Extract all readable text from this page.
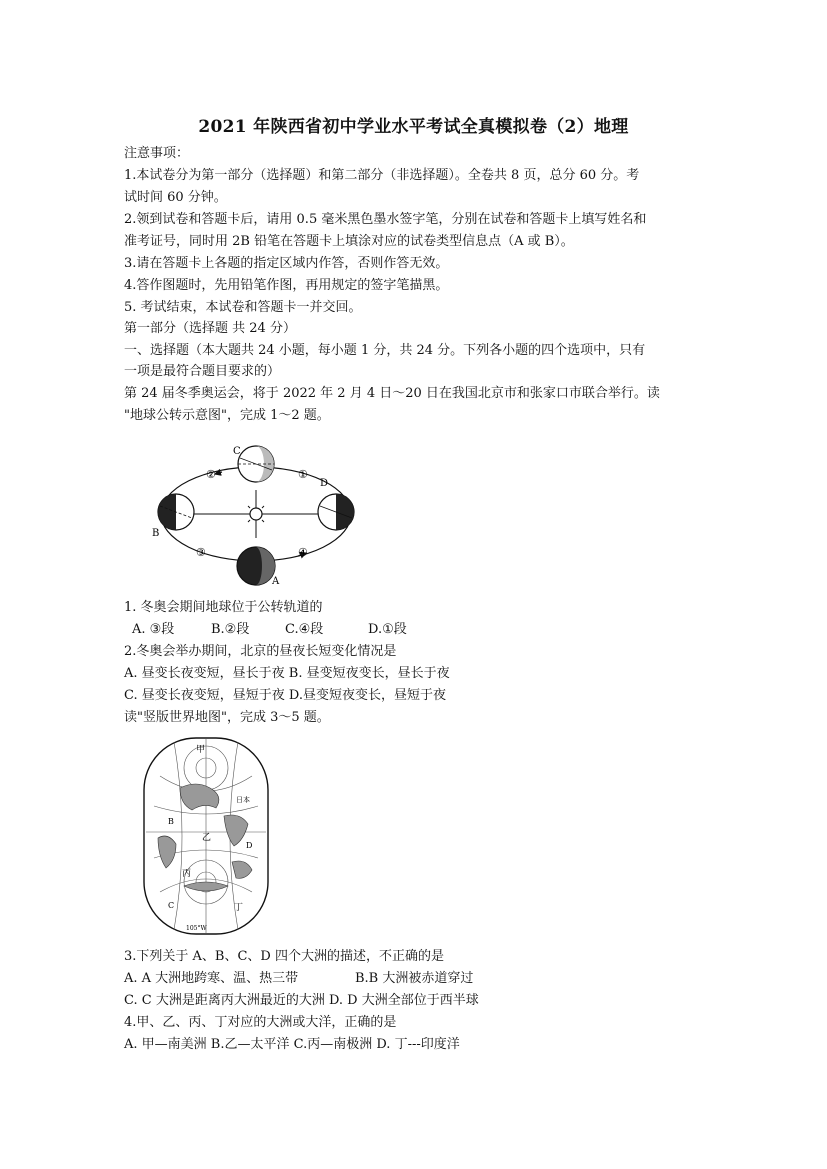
2021 年陕西省初中学业水平考试全真模拟卷（2）地理
注意事项：
1.本试卷分为第一部分（选择题）和第二部分（非选择题）。全卷共 8 页，总分 60 分。考
试时间 60 分钟。
2.领到试卷和答题卡后，请用 0.5 毫米黑色墨水签字笔，分别在试卷和答题卡上填写姓名和
准考证号，同时用 2B 铅笔在答题卡上填涂对应的试卷类型信息点（A 或 B）。
3.请在答题卡上各题的指定区域内作答，否则作答无效。
4.答作图题时，先用铅笔作图，再用规定的签字笔描黑。
5. 考试结束，本试卷和答题卡一并交回。
第一部分（选择题 共 24 分）
一、选择题（本大题共 24 小题，每小题 1 分，共 24 分。下列各小题的四个选项中，只有
一项是最符合题目要求的）
第 24 届冬季奥运会，将于 2022 年 2 月 4 日～20 日在我国北京市和张家口市联合举行。读
"地球公转示意图"，完成 1～2 题。
C
D
B
A
②	①
③	④
1. 冬奥会期间地球位于公转轨道的
A. ③段	B.②段	C.④段	D.①段
2.冬奥会举办期间，北京的昼夜长短变化情况是
A. 昼变长夜变短，昼长于夜 B. 昼变短夜变长，昼长于夜
C. 昼变长夜变短，昼短于夜 D.昼变短夜变长，昼短于夜
读"竖版世界地图"，完成 3～5 题。
甲
日本
B
乙
D
丙
C	丁
105°W
3.下列关于 A、B、C、D 四个大洲的描述，不正确的是
A. A 大洲地跨寒、温、热三带	B.B 大洲被赤道穿过
C. C 大洲是距离丙大洲最近的大洲 D. D 大洲全部位于西半球
4.甲、乙、丙、丁对应的大洲或大洋，正确的是
A. 甲—南美洲 B.乙—太平洋 C.丙—南极洲 D. 丁---印度洋
